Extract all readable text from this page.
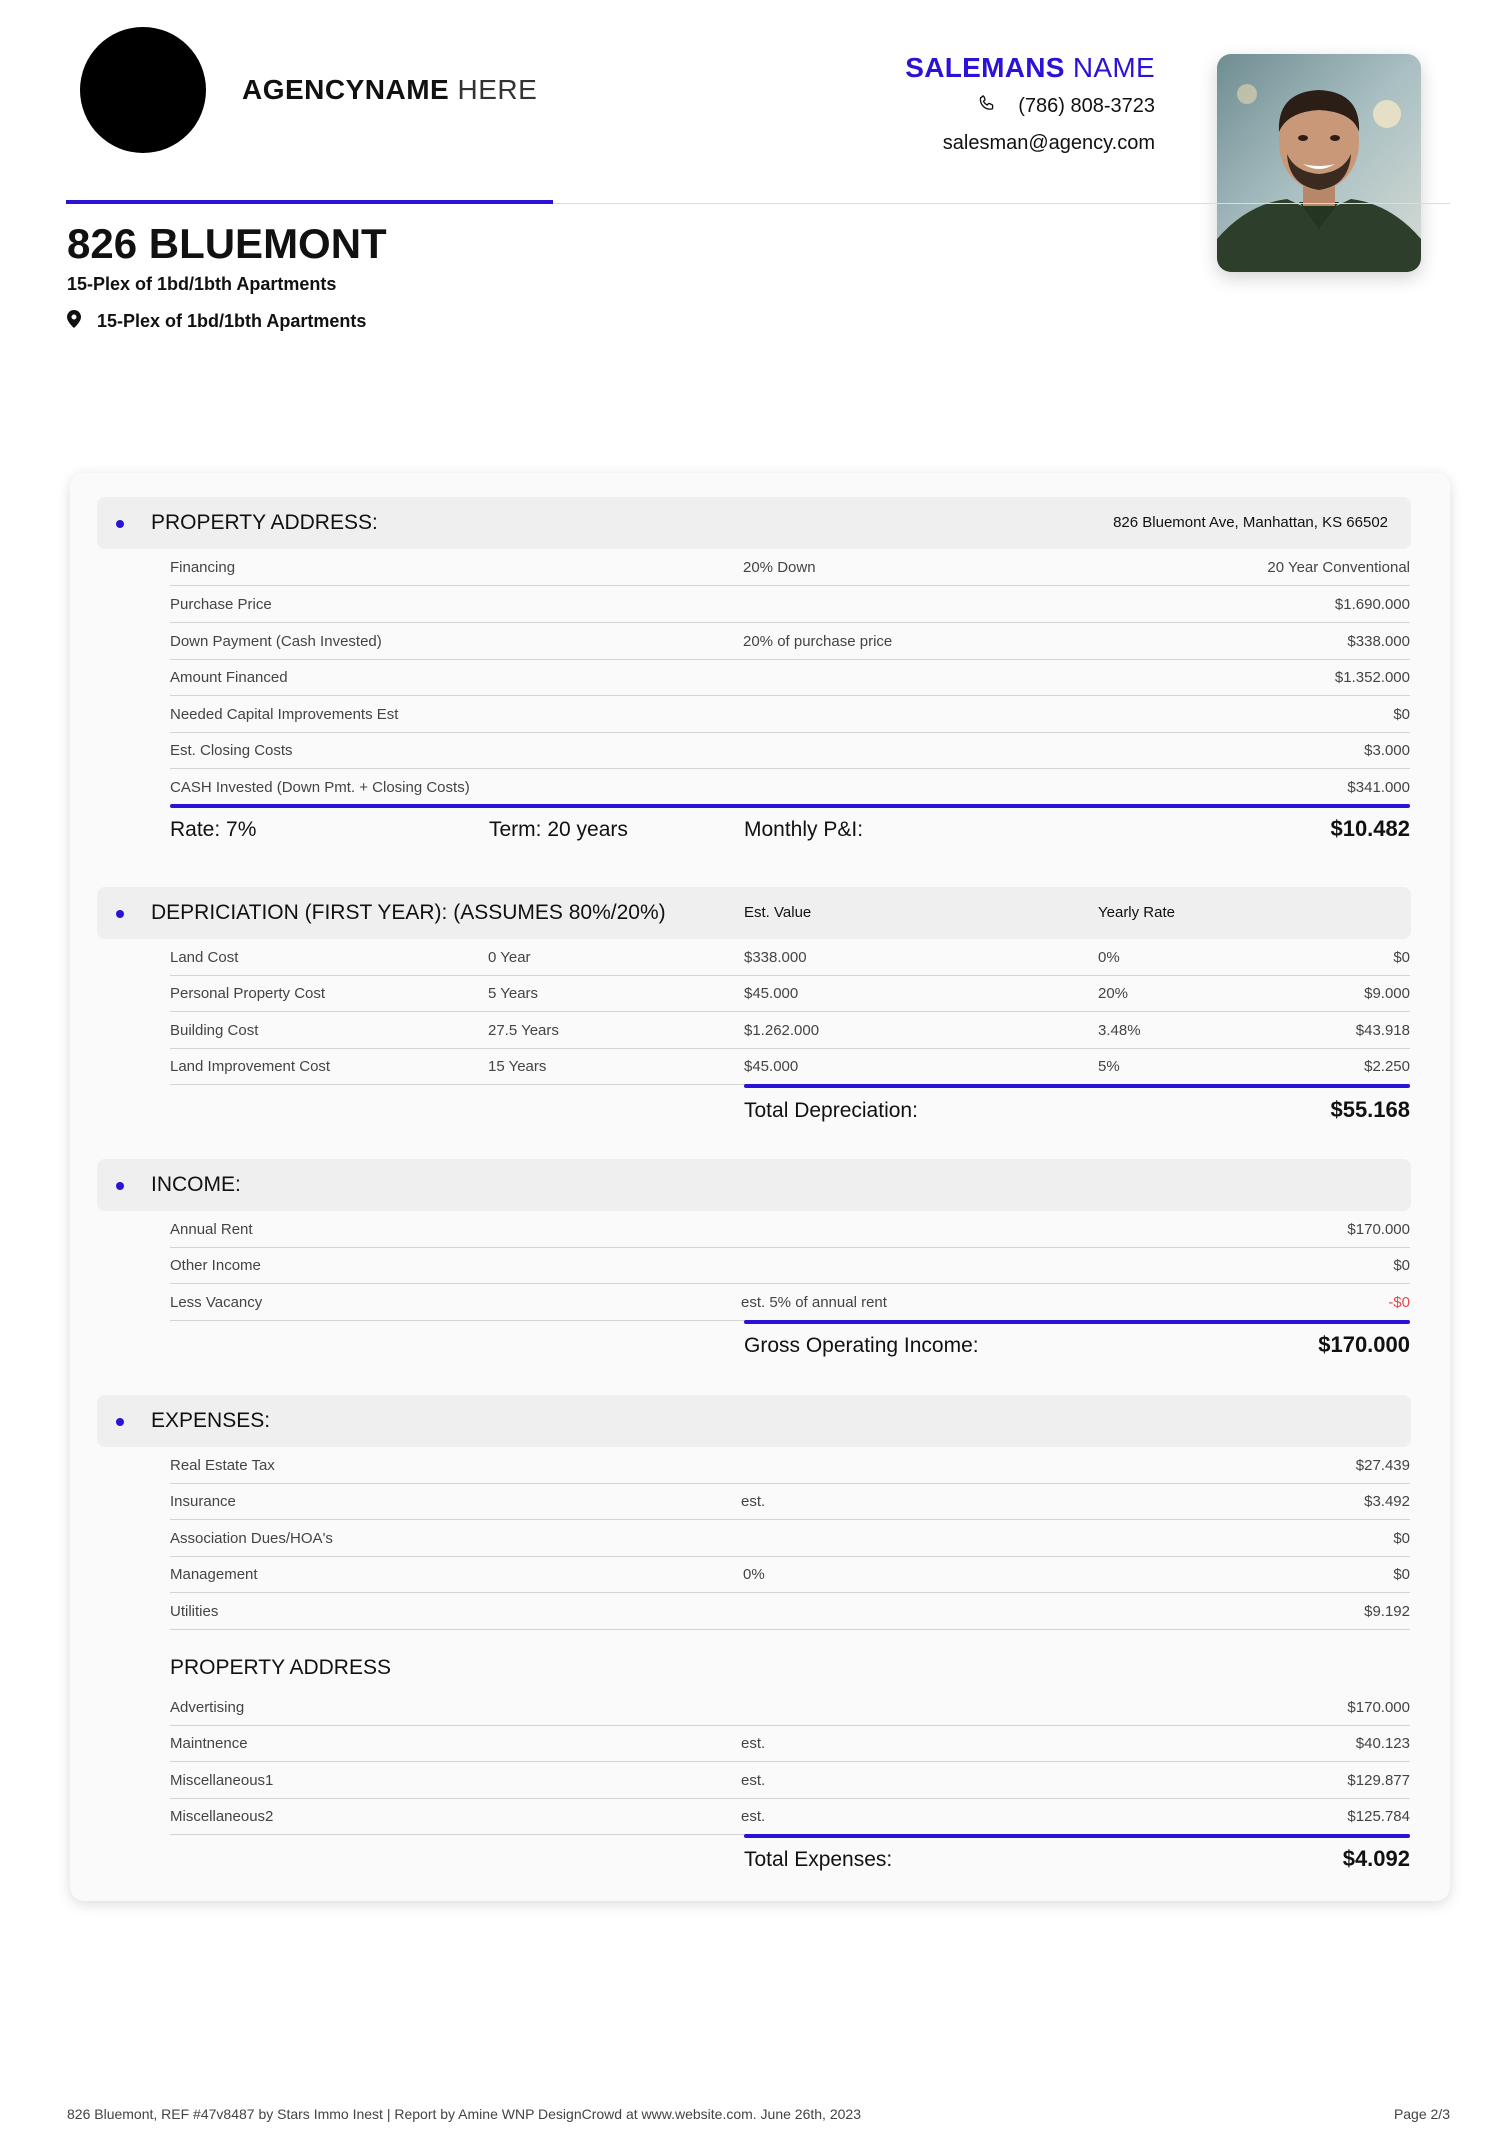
AGENCYNAME HERE
SALEMANS NAME
(786) 808-3723
salesman@agency.com
826 BLUEMONT
15-Plex of 1bd/1bth Apartments
15-Plex of 1bd/1bth Apartments
PROPERTY ADDRESS:	826 Bluemont Ave, Manhattan, KS 66502
Financing	20% Down	20 Year Conventional
Purchase Price	$1.690.000
Down Payment (Cash Invested)	20% of purchase price	$338.000
Amount Financed	$1.352.000
Needed Capital Improvements Est	$0
Est. Closing Costs	$3.000
CASH Invested (Down Pmt. + Closing Costs)	$341.000
Rate: 7%	Term: 20 years	Monthly P&I:	$10.482
DEPRICIATION (FIRST YEAR): (ASSUMES 80%/20%)	Est. Value	Yearly Rate
Land Cost	0 Year	$338.000	0%	$0
Personal Property Cost	5 Years	$45.000	20%	$9.000
Building Cost	27.5 Years	$1.262.000	3.48%	$43.918
Land Improvement Cost	15 Years	$45.000	5%	$2.250
Total Depreciation:	$55.168
INCOME:
Annual Rent	$170.000
Other Income	$0
Less Vacancy	est. 5% of annual rent	-$0
Gross Operating Income:	$170.000
EXPENSES:
Real Estate Tax	$27.439
Insurance	est.	$3.492
Association Dues/HOA's	$0
Management	0%	$0
Utilities	$9.192
PROPERTY ADDRESS
Advertising	$170.000
Maintnence	est.	$40.123
Miscellaneous1	est.	$129.877
Miscellaneous2	est.	$125.784
Total Expenses:	$4.092
826 Bluemont, REF #47v8487 by Stars Immo Inest | Report by Amine WNP DesignCrowd at www.website.com. June 26th, 2023	Page 2/3
